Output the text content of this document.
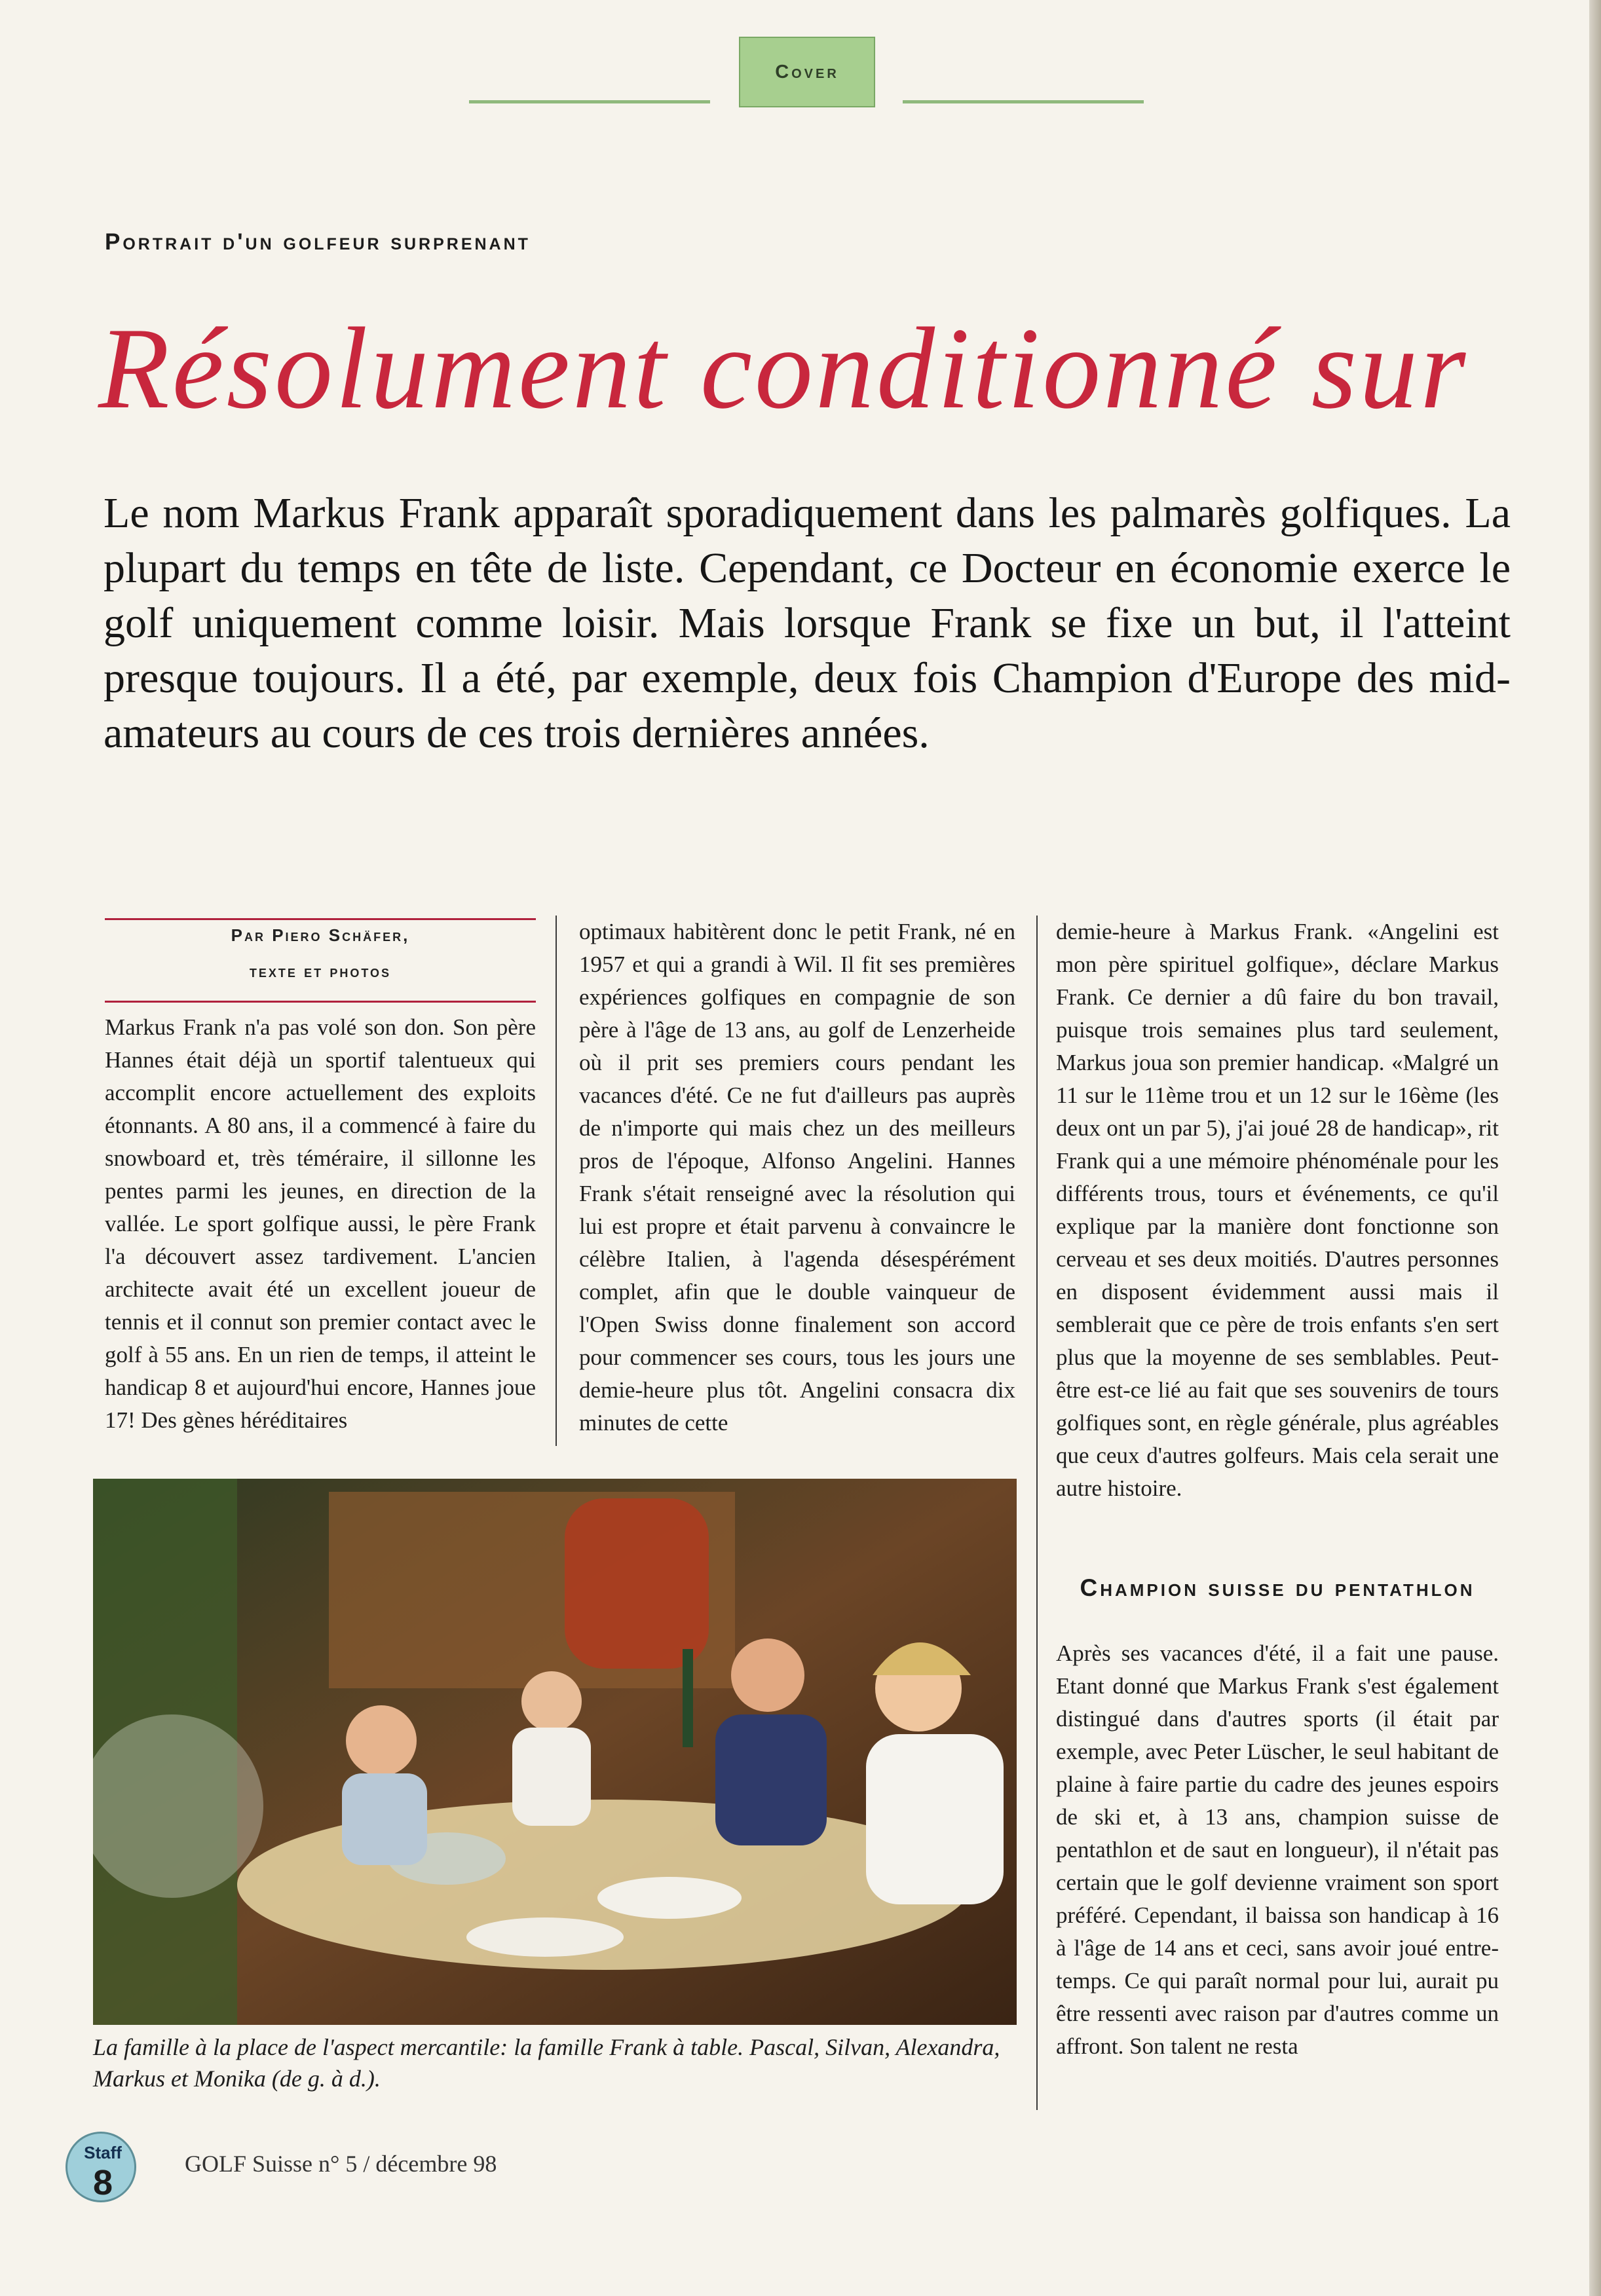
Cover
Portrait d'un golfeur surprenant
Résolument conditionné sur

Le nom Markus Frank apparaît sporadiquement dans les palmarès golfiques. La plupart du temps en tête de liste. Cependant, ce Docteur en économie exerce le golf uniquement comme loisir. Mais lorsque Frank se fixe un but, il l'atteint presque toujours. Il a été, par exemple, deux fois Champion d'Europe des mid-amateurs au cours de ces trois dernières années.

Par Piero Schäfer,
texte et photos

Markus Frank n'a pas volé son don. Son père Hannes était déjà un sportif talentueux qui accomplit encore actuellement des exploits étonnants. A 80 ans, il a commencé à faire du snowboard et, très téméraire, il sillonne les pentes parmi les jeunes, en direction de la vallée. Le sport golfique aussi, le père Frank l'a découvert assez tardivement. L'ancien architecte avait été un excellent joueur de tennis et il connut son premier contact avec le golf à 55 ans. En un rien de temps, il atteint le handicap 8 et aujourd'hui encore, Hannes joue 17! Des gènes héréditaires

optimaux habitèrent donc le petit Frank, né en 1957 et qui a grandi à Wil. Il fit ses premières expériences golfiques en compagnie de son père à l'âge de 13 ans, au golf de Lenzerheide où il prit ses premiers cours pendant les vacances d'été. Ce ne fut d'ailleurs pas auprès de n'importe qui mais chez un des meilleurs pros de l'époque, Alfonso Angelini. Hannes Frank s'était renseigné avec la résolution qui lui est propre et était parvenu à convaincre le célèbre Italien, à l'agenda désespérément complet, afin que le double vainqueur de l'Open Swiss donne finalement son accord pour commencer ses cours, tous les jours une demie-heure plus tôt. Angelini consacra dix minutes de cette

demie-heure à Markus Frank. «Angelini est mon père spirituel golfique», déclare Markus Frank. Ce dernier a dû faire du bon travail, puisque trois semaines plus tard seulement, Markus joua son premier handicap. «Malgré un 11 sur le 11ème trou et un 12 sur le 16ème (les deux ont un par 5), j'ai joué 28 de handicap», rit Frank qui a une mémoire phénoménale pour les différents trous, tours et événements, ce qu'il explique par la manière dont fonctionne son cerveau et ses deux moitiés. D'autres personnes en disposent évidemment aussi mais il semblerait que ce père de trois enfants s'en sert plus que la moyenne de ses semblables. Peut-être est-ce lié au fait que ses souvenirs de tours golfiques sont, en règle générale, plus agréables que ceux d'autres golfeurs. Mais cela serait une autre histoire.

Champion suisse du pentathlon

Après ses vacances d'été, il a fait une pause. Etant donné que Markus Frank s'est également distingué dans d'autres sports (il était par exemple, avec Peter Lüscher, le seul habitant de plaine à faire partie du cadre des jeunes espoirs de ski et, à 13 ans, champion suisse de pentathlon et de saut en longueur), il n'était pas certain que le golf devienne vraiment son sport préféré. Cependant, il baissa son handicap à 16 à l'âge de 14 ans et ceci, sans avoir joué entre-temps. Ce qui paraît normal pour lui, aurait pu être ressenti avec raison par d'autres comme un affront. Son talent ne resta

La famille à la place de l'aspect mercantile: la famille Frank à table. Pascal, Silvan, Alexandra, Markus et Monika (de g. à d.).

Staff
8	GOLF Suisse n° 5 / décembre 98
